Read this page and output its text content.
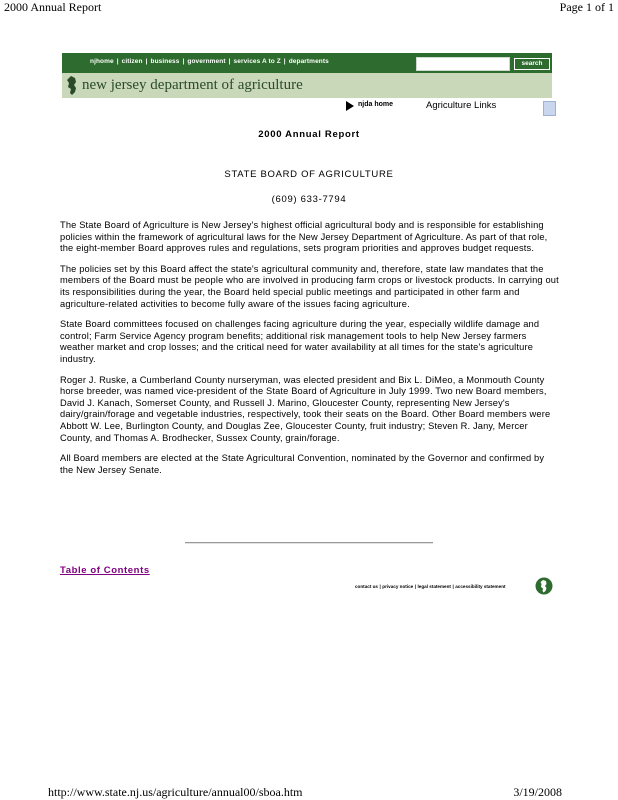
2000 Annual Report	Page 1 of 1
njhome | citizen | business | government | services A to Z | departments	search
new jersey department of agriculture
njda home	Agriculture Links
2000 Annual Report
STATE BOARD OF AGRICULTURE
(609) 633-7794

The State Board of Agriculture is New Jersey's highest official agricultural body and is responsible for establishing policies within the framework of agricultural laws for the New Jersey Department of Agriculture. As part of that role, the eight-member Board approves rules and regulations, sets program priorities and approves budget requests.

The policies set by this Board affect the state's agricultural community and, therefore, state law mandates that the members of the Board must be people who are involved in producing farm crops or livestock products. In carrying out its responsibilities during the year, the Board held special public meetings and participated in other farm and agriculture-related activities to become fully aware of the issues facing agriculture.

State Board committees focused on challenges facing agriculture during the year, especially wildlife damage and control; Farm Service Agency program benefits; additional risk management tools to help New Jersey farmers weather market and crop losses; and the critical need for water availability at all times for the state's agriculture industry.

Roger J. Ruske, a Cumberland County nurseryman, was elected president and Bix L. DiMeo, a Monmouth County horse breeder, was named vice-president of the State Board of Agriculture in July 1999. Two new Board members, David J. Kanach, Somerset County, and Russell J. Marino, Gloucester County, representing New Jersey's dairy/grain/forage and vegetable industries, respectively, took their seats on the Board. Other Board members were Abbott W. Lee, Burlington County, and Douglas Zee, Gloucester County, fruit industry; Steven R. Jany, Mercer County, and Thomas A. Brodhecker, Sussex County, grain/forage.

All Board members are elected at the State Agricultural Convention, nominated by the Governor and confirmed by the New Jersey Senate.

Table of Contents
contact us | privacy notice | legal statement | accessibility statement
http://www.state.nj.us/agriculture/annual00/sboa.htm	3/19/2008
